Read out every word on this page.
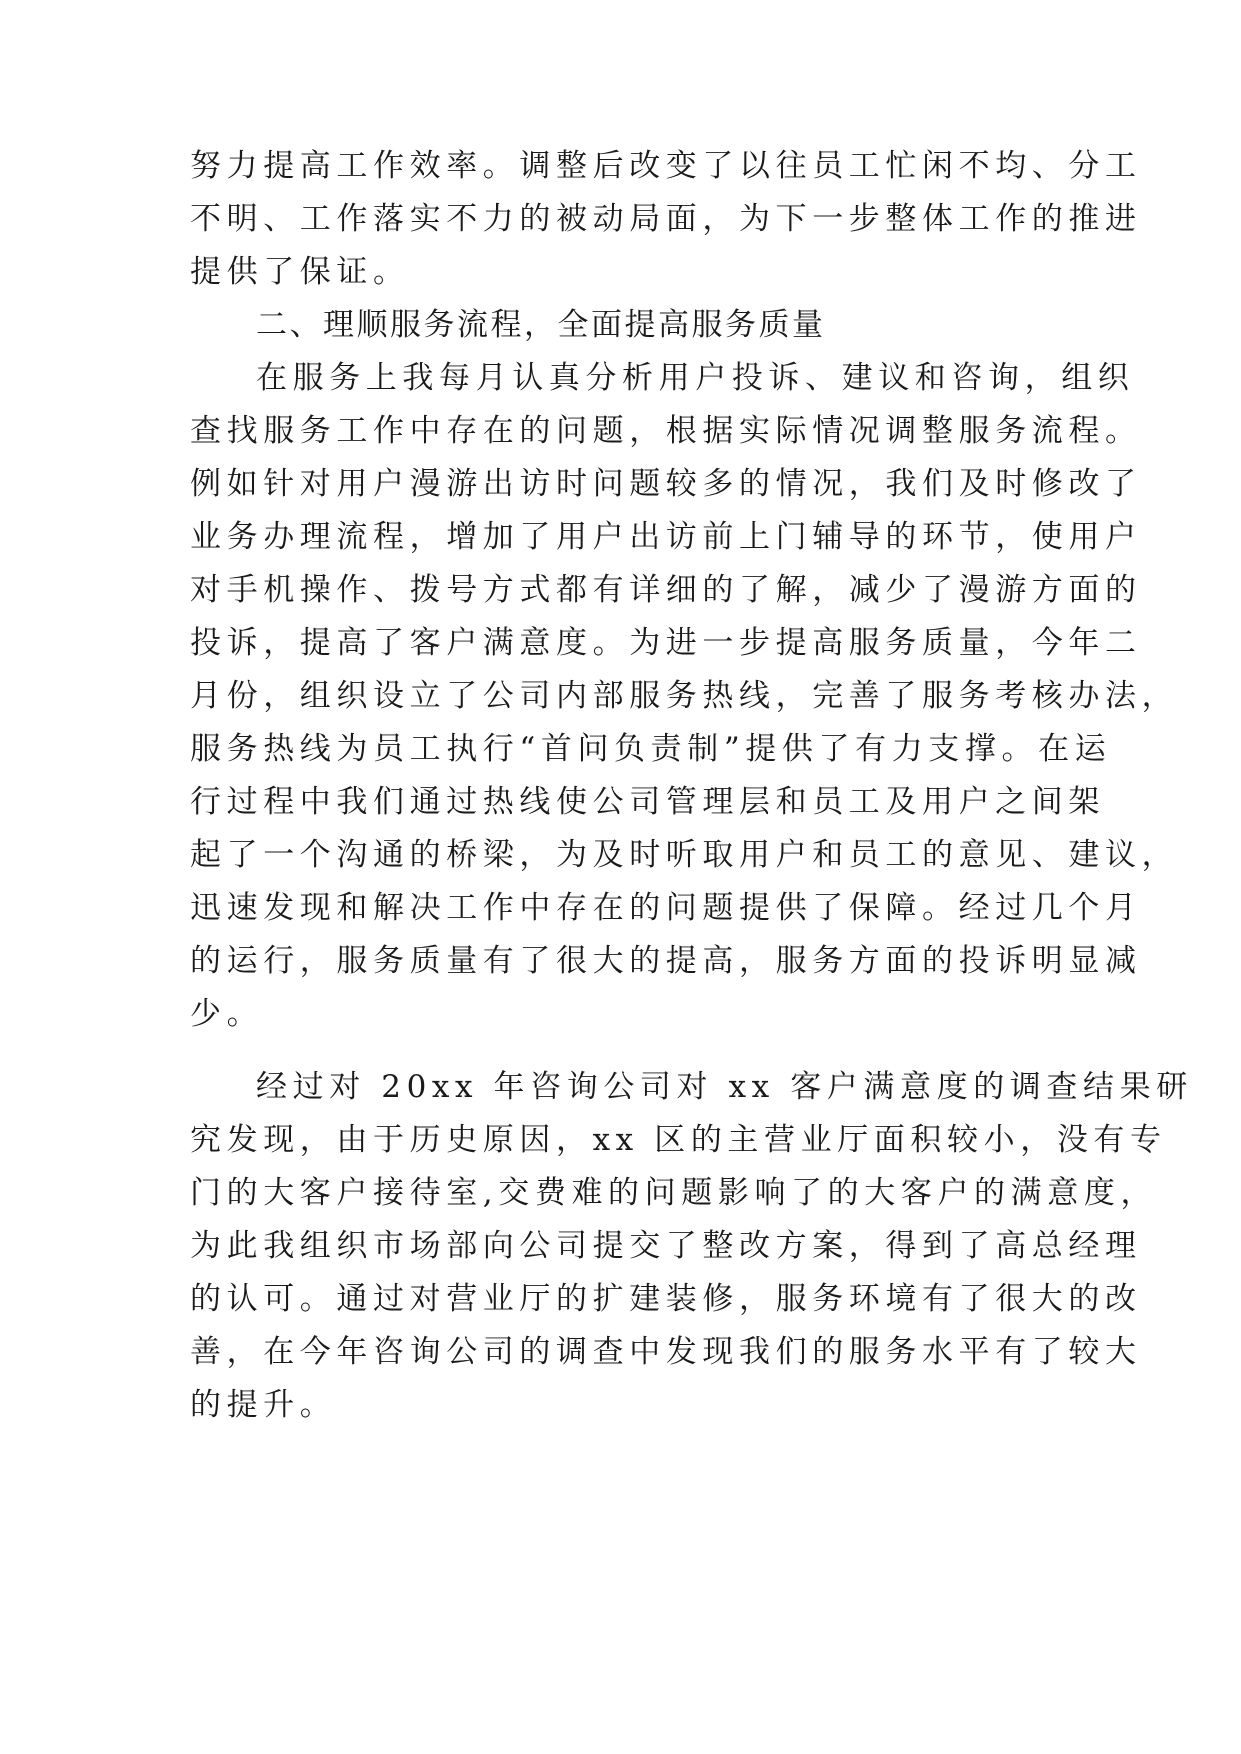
努力提高工作效率。调整后改变了以往员工忙闲不均、分工
不明、工作落实不力的被动局面，为下一步整体工作的推进
提供了保证。
二、理顺服务流程，全面提高服务质量
在服务上我每月认真分析用户投诉、建议和咨询，组织
查找服务工作中存在的问题，根据实际情况调整服务流程。
例如针对用户漫游出访时问题较多的情况，我们及时修改了
业务办理流程，增加了用户出访前上门辅导的环节，使用户
对手机操作、拨号方式都有详细的了解，减少了漫游方面的
投诉，提高了客户满意度。为进一步提高服务质量，今年二
月份，组织设立了公司内部服务热线，完善了服务考核办法，
服务热线为员工执行“首问负责制”提供了有力支撑。在运
行过程中我们通过热线使公司管理层和员工及用户之间架
起了一个沟通的桥梁，为及时听取用户和员工的意见、建议，
迅速发现和解决工作中存在的问题提供了保障。经过几个月
的运行，服务质量有了很大的提高，服务方面的投诉明显减
少。
经过对 20xx 年咨询公司对 xx 客户满意度的调查结果研
究发现，由于历史原因，xx 区的主营业厅面积较小，没有专
门的大客户接待室,交费难的问题影响了的大客户的满意度，
为此我组织市场部向公司提交了整改方案，得到了高总经理
的认可。通过对营业厅的扩建装修，服务环境有了很大的改
善，在今年咨询公司的调查中发现我们的服务水平有了较大
的提升。
